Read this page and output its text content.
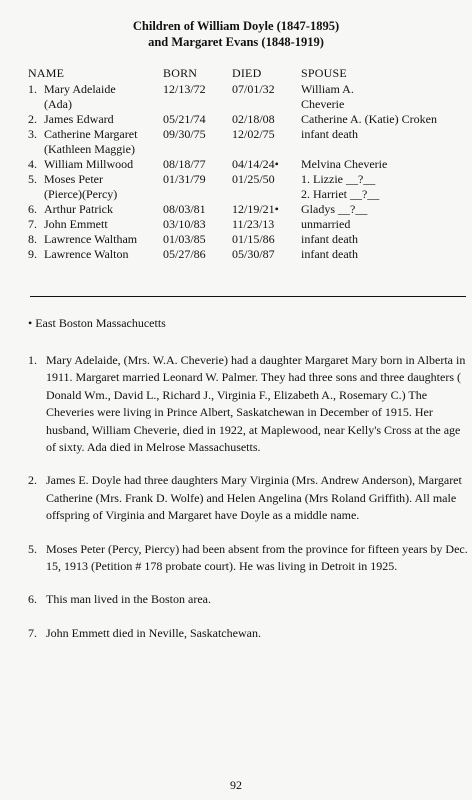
Children of William Doyle (1847-1895)
and Margaret Evans (1848-1919)
NAME	BORN	DIED	SPOUSE
1. Mary Adelaide
(Ada)	12/13/72	07/01/32	William A.
Cheverie
2. James Edward	05/21/74	02/18/08	Catherine A. (Katie) Croken
3. Catherine Margaret
(Kathleen Maggie)	09/30/75	12/02/75	infant death
4. William Millwood	08/18/77	04/14/24•	Melvina Cheverie
5. Moses Peter
(Pierce)(Percy)	01/31/79	01/25/50	1. Lizzie __?__
2. Harriet __?__
6. Arthur Patrick	08/03/81	12/19/21•	Gladys __?__
7. John Emmett	03/10/83	11/23/13	unmarried
8. Lawrence Waltham	01/03/85	01/15/86	infant death
9. Lawrence Walton	05/27/86	05/30/87	infant death
• East Boston Massachucetts
1. Mary Adelaide, (Mrs. W.A. Cheverie) had a daughter Margaret Mary born in Alberta in 1911. Margaret married Leonard W. Palmer. They had three sons and three daughters ( Donald Wm., David L., Richard J., Virginia F., Elizabeth A., Rosemary C.) The Cheveries were living in Prince Albert, Saskatchewan in December of 1915. Her husband, William Cheverie, died in 1922, at Maplewood, near Kelly's Cross at the age of sixty. Ada died in Melrose Massachusetts.
2. James E. Doyle had three daughters Mary Virginia (Mrs. Andrew Anderson), Margaret Catherine (Mrs. Frank D. Wolfe) and Helen Angelina (Mrs Roland Griffith). All male offspring of Virginia and Margaret have Doyle as a middle name.
5. Moses Peter (Percy, Piercy) had been absent from the province for fifteen years by Dec. 15, 1913 (Petition # 178 probate court). He was living in Detroit in 1925.
6. This man lived in the Boston area.
7. John Emmett died in Neville, Saskatchewan.
92
